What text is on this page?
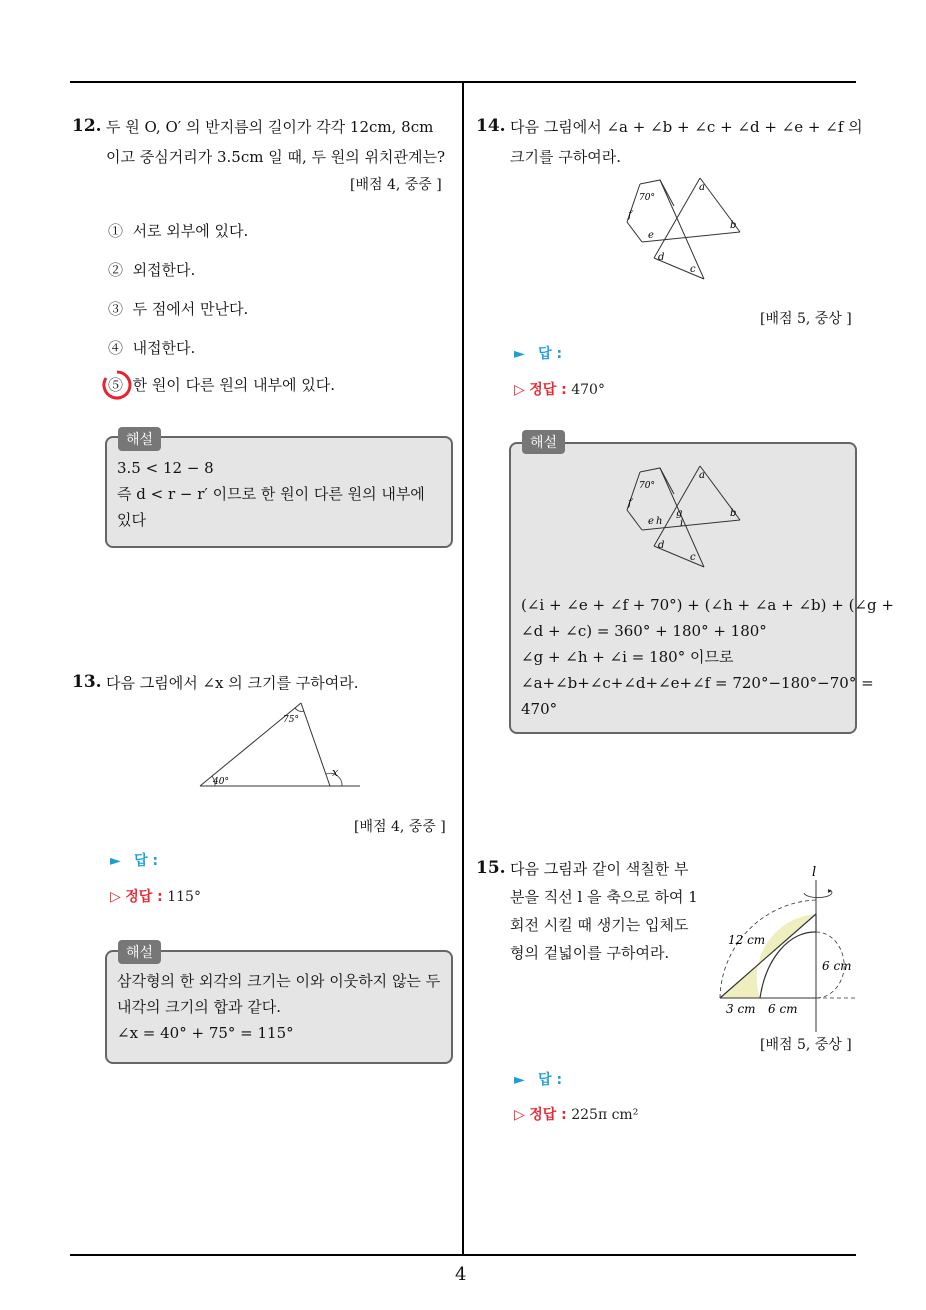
4
12. 두 원 O, O′ 의 반지름의 길이가 각각 12cm, 8cm
이고 중심거리가 3.5cm 일 때, 두 원의 위치관계는?
[배점 4, 중중 ]
① 서로 외부에 있다.
② 외접한다.
③ 두 점에서 만난다.
④ 내접한다.
⑤ 한 원이 다른 원의 내부에 있다.
해설
3.5 < 12 − 8
즉 d < r − r′ 이므로 한 원이 다른 원의 내부에
있다
13. 다음 그림에서 ∠x 의 크기를 구하여라.
75°
40°
x
[배점 4, 중중 ]
► 답 :
▷ 정답 : 115°
해설
삼각형의 한 외각의 크기는 이와 이웃하지 않는 두
내각의 크기의 합과 같다.
∠x = 40° + 75° = 115°
14. 다음 그림에서 ∠a + ∠b + ∠c + ∠d + ∠e + ∠f 의
크기를 구하여라.
70°
a
b
c
d
e
f
[배점 5, 중상 ]
► 답 :
▷ 정답 : 470°
해설
70°
a
b
c
d
e
f
g
h i
(∠i + ∠e + ∠f + 70°) + (∠h + ∠a + ∠b) + (∠g +
∠d + ∠c) = 360° + 180° + 180°
∠g + ∠h + ∠i = 180° 이므로
∠a+∠b+∠c+∠d+∠e+∠f = 720°−180°−70° =
470°
15. 다음 그림과 같이 색칠한 부
분을 직선 l 을 축으로 하여 1
회전 시킬 때 생기는 입체도
형의 겉넓이를 구하여라.
l
12 cm
6 cm
3 cm 6 cm
[배점 5, 중상 ]
► 답 :
▷ 정답 : 225π cm²
